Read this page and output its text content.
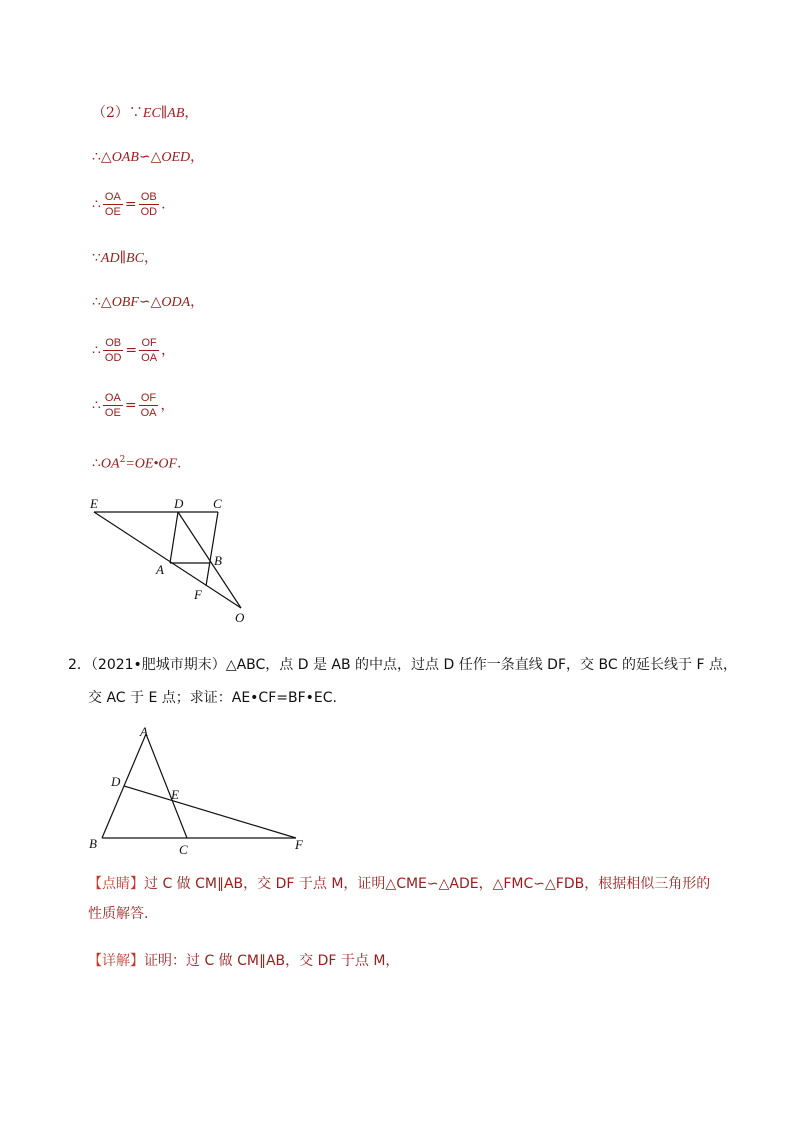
（2）∵EC∥AB，
∴△OAB∽△OED，
∴ $\frac{OA}{OE} = \frac{OB}{OD}$ .
∵AD∥BC，
∴△OBF∽△ODA，
∴ $\frac{OB}{OD} = \frac{OF}{OA}$ ，
∴ $\frac{OA}{OE} = \frac{OF}{OA}$ ，
$\therefore OA^2=OE•OF$.
E	D C
B
A
F
O
2．（2021•肥城市期末）△ABC，点 D 是 AB 的中点，过点 D 任作一条直线 DF，交 BC 的延长线于 F 点，
交 AC 于 E 点；求证：AE•CF=BF•EC.
A
D
E
B	C	F
【点睛】过 C 做 CM∥AB，交 DF 于点 M，证明△CME∽△ADE，△FMC∽△FDB，根据相似三角形的
性质解答.
【详解】证明：过 C 做 CM∥AB，交 DF 于点 M，
